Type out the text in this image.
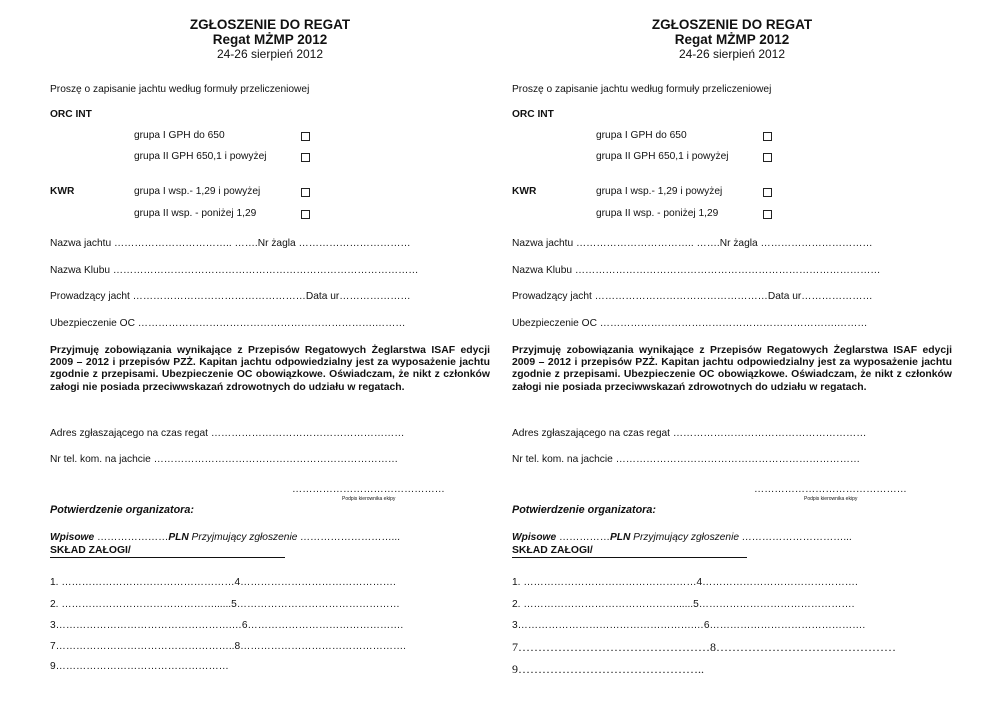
ZGŁOSZENIE DO REGAT
Regat MŻMP 2012
24-26 sierpień 2012
Proszę o zapisanie jachtu według formuły przeliczeniowej
ORC INT
grupa I GPH do 650
grupa II GPH 650,1 i powyżej
KWR	grupa I wsp.- 1,29 i powyżej
grupa II wsp. - poniżej 1,29
Nazwa jachtu …………………………….. …….Nr żagla ……………………………
Nazwa Klubu ………………………………………………………………………………
Prowadzący jacht ……………………………………………Data ur…………………
Ubezpieczenie OC …………………………………………………………….………

Przyjmuję zobowiązania wynikające z Przepisów Regatowych Żeglarstwa ISAF edycji 2009 – 2012 i przepisów PZŻ. Kapitan jachtu odpowiedzialny jest za wyposażenie jachtu zgodnie z przepisami. Ubezpieczenie OC obowiązkowe. Oświadczam, że nikt z członków załogi nie posiada przeciwwskazań zdrowotnych do udziału w regatach.

Adres zgłaszającego na czas regat …………………………………………………
Nr tel. kom. na jachcie ………………………………………………………………
………………………………………
Podpis kierownika ekipy
Potwierdzenie organizatora:
Wpisowe …………………PLN Przyjmujący zgłoszenie ………………………...
SKŁAD ZAŁOGI/
1. ……………………………………………4……………………………………….
2. ………………………………………......5…………………………………………
3…………………………………………….…6……………………………………….
7……………………………………………..8………………………………………….
9……………………………………………
ZGŁOSZENIE DO REGAT
Regat MŻMP 2012
24-26 sierpień 2012
Proszę o zapisanie jachtu według formuły przeliczeniowej
ORC INT
grupa I GPH do 650
grupa II GPH 650,1 i powyżej
KWR	grupa I wsp.- 1,29 i powyżej
grupa II wsp. - poniżej 1,29
Nazwa jachtu …………………………….. …….Nr żagla ……………………………
Nazwa Klubu ………………………………………………………………………………
Prowadzący jacht ……………………………………………Data ur…………………
Ubezpieczenie OC …………………………………………………………….………

Przyjmuję zobowiązania wynikające z Przepisów Regatowych Żeglarstwa ISAF edycji 2009 – 2012 i przepisów PZŻ. Kapitan jachtu odpowiedzialny jest za wyposażenie jachtu zgodnie z przepisami. Ubezpieczenie OC obowiązkowe. Oświadczam, że nikt z członków załogi nie posiada przeciwwskazań zdrowotnych do udziału w regatach.

Adres zgłaszającego na czas regat …………………………………………………
Nr tel. kom. na jachcie ………………………………………………………………
………………………………………
Podpis kierownika ekipy
Potwierdzenie organizatora:
Wpisowe ……………PLN Przyjmujący zgłoszenie …………………………...
SKŁAD ZAŁOGI/
1. ……………………………………………4……………………………………….
2. ………………………………………......5……………………………………….
3…………………………………………….…6……………………………………….
7…………………………………………8………………………………………
9………………………………………..
